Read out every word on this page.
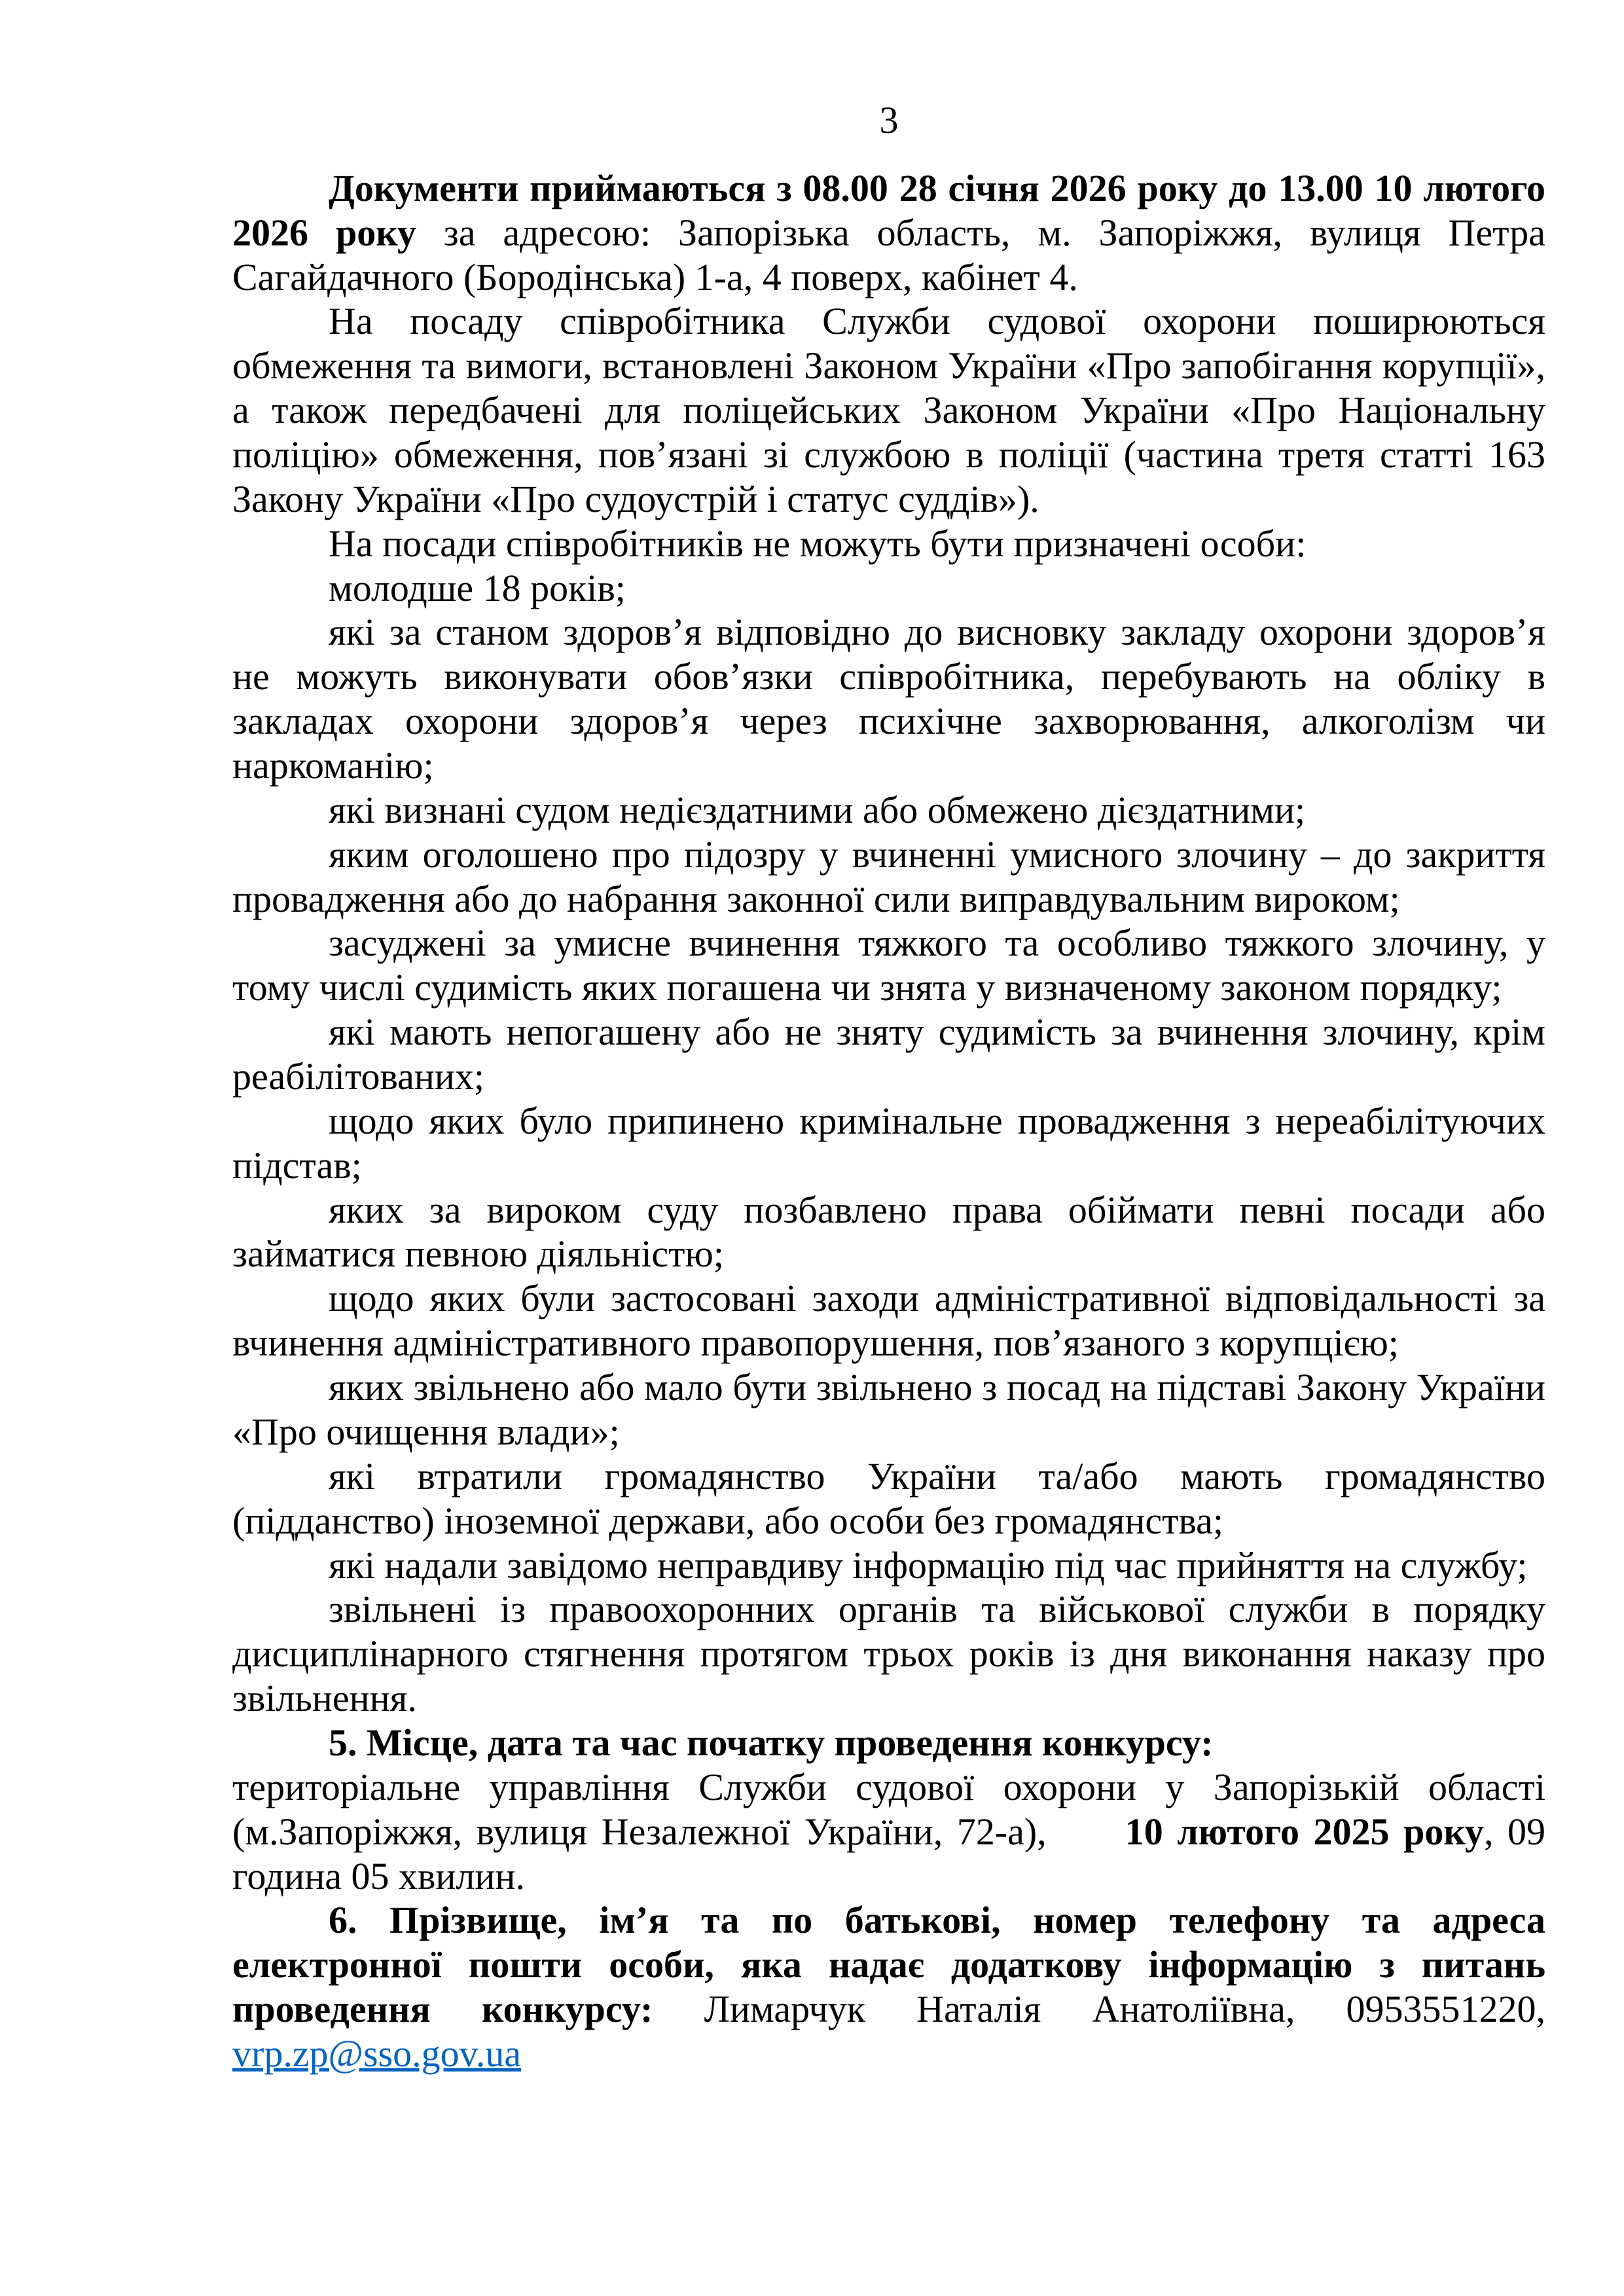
3

Документи приймаються з 08.00 28 січня 2026 року до 13.00 10 лютого 2026 року за адресою: Запорізька область, м. Запоріжжя, вулиця Петра Сагайдачного (Бородінська) 1-а, 4 поверх, кабінет 4.

На посаду співробітника Служби судової охорони поширюються обмеження та вимоги, встановлені Законом України «Про запобігання корупції», а також передбачені для поліцейських Законом України «Про Національну поліцію» обмеження, пов’язані зі службою в поліції (частина третя статті 163 Закону України «Про судоустрій і статус суддів»).

На посади співробітників не можуть бути призначені особи:

молодше 18 років;

які за станом здоров’я відповідно до висновку закладу охорони здоров’я не можуть виконувати обов’язки співробітника, перебувають на обліку в закладах охорони здоров’я через психічне захворювання, алкоголізм чи наркоманію;

які визнані судом недієздатними або обмежено дієздатними;

яким оголошено про підозру у вчиненні умисного злочину – до закриття провадження або до набрання законної сили виправдувальним вироком;

засуджені за умисне вчинення тяжкого та особливо тяжкого злочину, у тому числі судимість яких погашена чи знята у визначеному законом порядку;

які мають непогашену або не зняту судимість за вчинення злочину, крім реабілітованих;

щодо яких було припинено кримінальне провадження з нереабілітуючих підстав;

яких за вироком суду позбавлено права обіймати певні посади або займатися певною діяльністю;

щодо яких були застосовані заходи адміністративної відповідальності за вчинення адміністративного правопорушення, пов’язаного з корупцією;

яких звільнено або мало бути звільнено з посад на підставі Закону України «Про очищення влади»;

які втратили громадянство України та/або мають громадянство (підданство) іноземної держави, або особи без громадянства;

які надали завідомо неправдиву інформацію під час прийняття на службу;

звільнені із правоохоронних органів та військової служби в порядку дисциплінарного стягнення протягом трьох років із дня виконання наказу про звільнення.

5. Місце, дата та час початку проведення конкурсу:

територіальне управління Служби судової охорони у Запорізькій області (м.Запоріжжя, вулиця Незалежної України, 72-а), 10 лютого 2025 року, 09 година 05 хвилин.

6. Прізвище, ім’я та по батькові, номер телефону та адреса електронної пошти особи, яка надає додаткову інформацію з питань проведення конкурсу: Лимарчук Наталія Анатоліївна, 0953551220, vrp.zp@sso.gov.ua
